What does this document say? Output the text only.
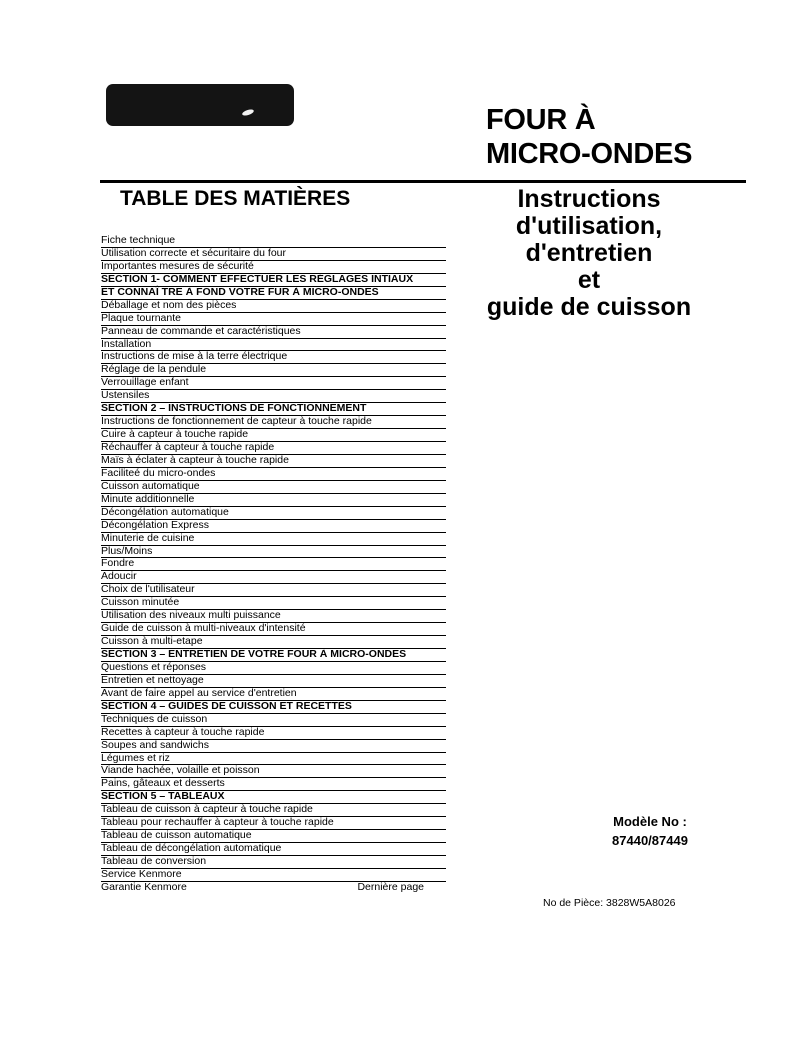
FOUR À
MICRO-ONDES
TABLE DES MATIÈRES	Instructions
d'utilisation,
d'entretien
et
guide de cuisson
Fiche technique
Utilisation correcte et sécuritaire du four
Importantes mesures de sécurité
SECTION 1- COMMENT EFFECTUER LES RÉGLAGES INTIAUX
ET CONNAÎ TRE À FOND VOTRE FUR À MICRO-ONDES
Déballage et nom des pièces
Plaque tournante
Panneau de commande et caractéristiques
Installation
Instructions de mise à la terre électrique
Réglage de la pendule
Verrouillage enfant
Ustensiles
SECTION 2 – INSTRUCTIONS DE FONCTIONNEMENT
Instructions de fonctionnement de capteur à touche rapide
Cuire à capteur à touche rapide
Réchauffer à capteur à touche rapide
Maïs à éclater à capteur à touche rapide
Faciliteé du micro-ondes
Cuisson automatique
Minute additionnelle
Décongélation automatique
Décongélation Express
Minuterie de cuisine
Plus/Moins
Fondre
Adoucir
Choix de l'utilisateur
Cuisson minutée
Utilisation des niveaux multi puissance
Guide de cuisson à multi-niveaux d'intensité
Cuisson à multi-etape
SECTION 3 – ENTRETIEN DE VOTRE FOUR À MICRO-ONDES
Questions et réponses
Entretien et nettoyage
Avant de faire appel au service d'entretien
SECTION 4 – GUIDES DE CUISSON ET RECETTES
Techniques de cuisson
Recettes à capteur à touche rapide
Soupes and sandwichs
Légumes et riz
Viande hachée, volaille et poisson
Pains, gâteaux et desserts
SECTION 5 – TABLEAUX
Tableau de cuisson à capteur à touche rapide
Tableau pour rechauffer à capteur à touche rapide
Tableau de cuisson automatique
Tableau de décongélation automatique
Tableau de conversion
Service Kenmore
Garantie Kenmore	Dernière page
Modèle No :
87440/87449
No de Pièce: 3828W5A8026
